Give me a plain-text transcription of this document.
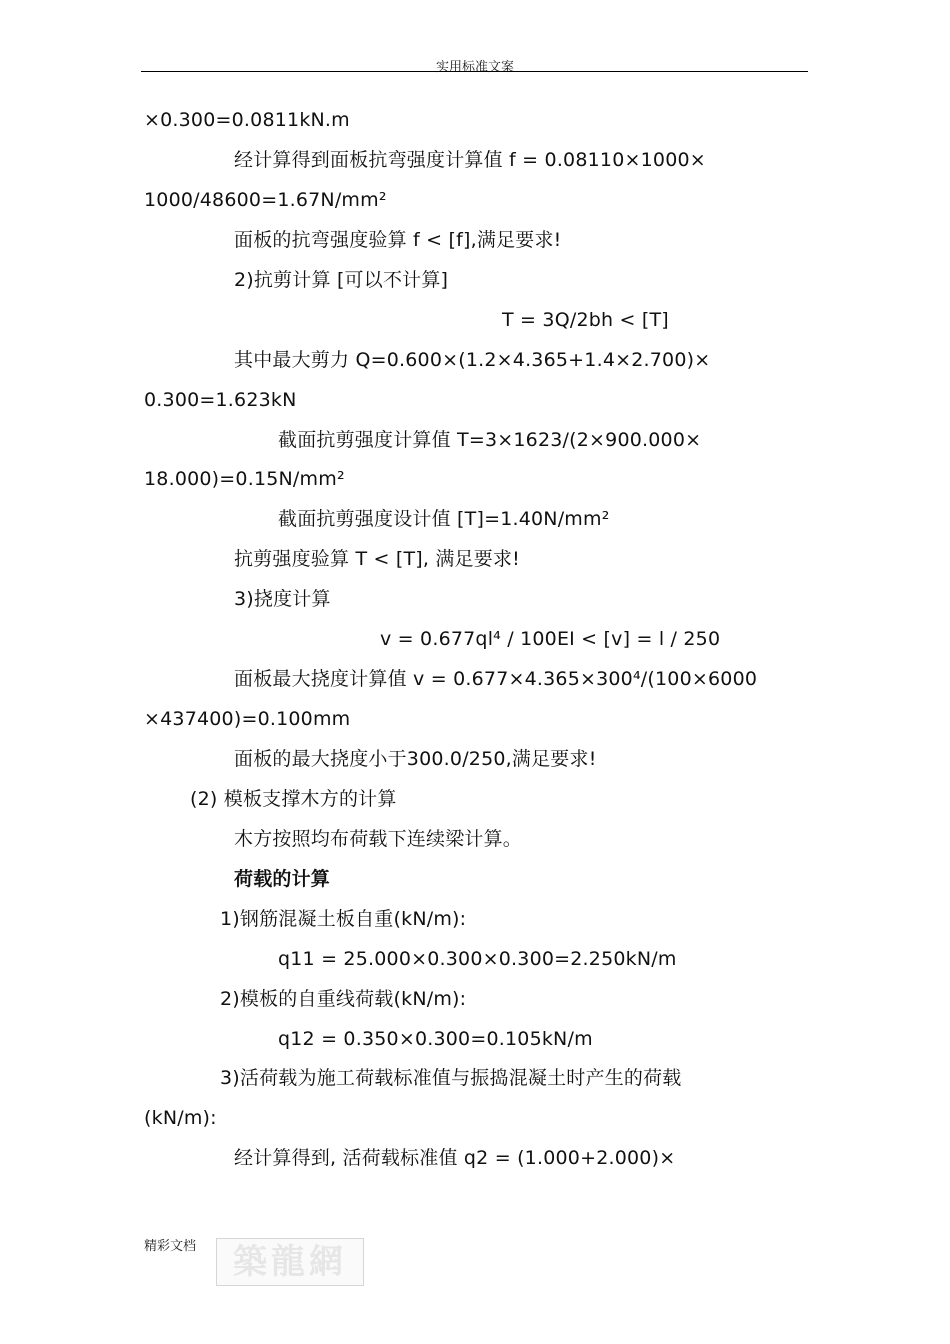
实用标准文案
×0.300=0.0811kN.m
经计算得到面板抗弯强度计算值 f = 0.08110×1000×
1000/48600=1.67N/mm²
面板的抗弯强度验算 f < [f],满足要求!
2)抗剪计算 [可以不计算]
T = 3Q/2bh < [T]
其中最大剪力 Q=0.600×(1.2×4.365+1.4×2.700)×
0.300=1.623kN
截面抗剪强度计算值 T=3×1623/(2×900.000×
18.000)=0.15N/mm²
截面抗剪强度设计值 [T]=1.40N/mm²
抗剪强度验算 T < [T], 满足要求!
3)挠度计算
v = 0.677ql⁴ / 100EI < [v] = l / 250
面板最大挠度计算值 v = 0.677×4.365×300⁴/(100×6000
×437400)=0.100mm
面板的最大挠度小于300.0/250,满足要求!
(2) 模板支撑木方的计算
木方按照均布荷载下连续梁计算。
荷载的计算
1)钢筋混凝土板自重(kN/m):
q11 = 25.000×0.300×0.300=2.250kN/m
2)模板的自重线荷载(kN/m):
q12 = 0.350×0.300=0.105kN/m
3)活荷载为施工荷载标准值与振捣混凝土时产生的荷载
(kN/m):
经计算得到, 活荷载标准值 q2 = (1.000+2.000)×
精彩文档	築龍網
